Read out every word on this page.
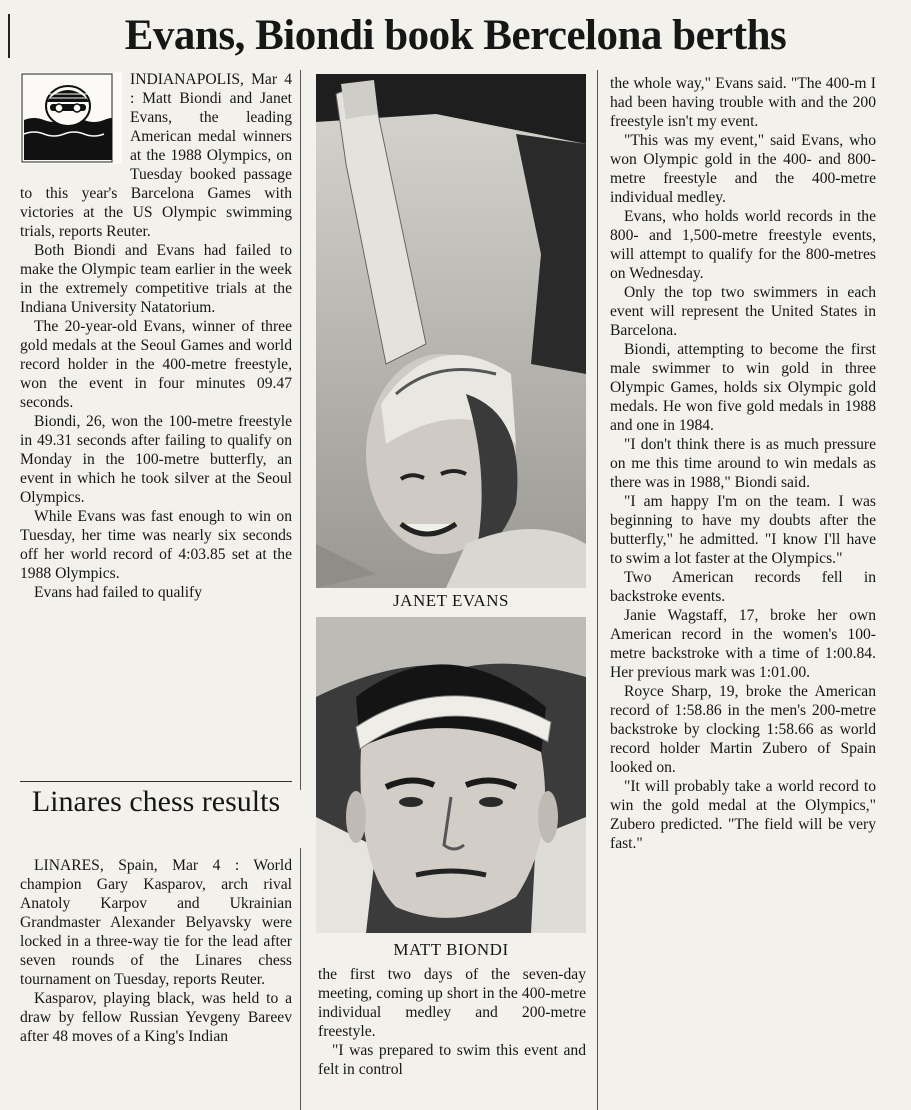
Evans, Biondi book Bercelona berths

INDIANAPOLIS, Mar 4 : Matt Biondi and Janet Evans, the leading American medal winners at the 1988 Olympics, on Tuesday booked passage to this year's Barcelona Games with victories at the US Olympic swimming trials, reports Reuter.

Both Biondi and Evans had failed to make the Olympic team earlier in the week in the extremely competitive trials at the Indiana University Natatorium.

The 20-year-old Evans, winner of three gold medals at the Seoul Games and world record holder in the 400-metre freestyle, won the event in four minutes 09.47 seconds.

Biondi, 26, won the 100-metre freestyle in 49.31 seconds after failing to qualify on Monday in the 100-metre butterfly, an event in which he took silver at the Seoul Olympics.

While Evans was fast enough to win on Tuesday, her time was nearly six seconds off her world record of 4:03.85 set at the 1988 Olympics.

Evans had failed to qualify

Linares chess results

LINARES, Spain, Mar 4 : World champion Gary Kasparov, arch rival Anatoly Karpov and Ukrainian Grandmaster Alexander Belyavsky were locked in a three-way tie for the lead after seven rounds of the Linares chess tournament on Tuesday, reports Reuter.

Kasparov, playing black, was held to a draw by fellow Russian Yevgeny Bareev after 48 moves of a King's Indian

JANET EVANS
MATT BIONDI

the first two days of the seven-day meeting, coming up short in the 400-metre individual medley and 200-metre freestyle.

"I was prepared to swim this event and felt in control

the whole way," Evans said. "The 400-m I had been having trouble with and the 200 freestyle isn't my event.

"This was my event," said Evans, who won Olympic gold in the 400- and 800-metre freestyle and the 400-metre individual medley.

Evans, who holds world records in the 800- and 1,500-metre freestyle events, will attempt to qualify for the 800-metres on Wednesday.

Only the top two swimmers in each event will represent the United States in Barcelona.

Biondi, attempting to become the first male swimmer to win gold in three Olympic Games, holds six Olympic gold medals. He won five gold medals in 1988 and one in 1984.

"I don't think there is as much pressure on me this time around to win medals as there was in 1988," Biondi said.

"I am happy I'm on the team. I was beginning to have my doubts after the butterfly," he admitted. "I know I'll have to swim a lot faster at the Olympics."

Two American records fell in backstroke events.

Janie Wagstaff, 17, broke her own American record in the women's 100-metre backstroke with a time of 1:00.84. Her previous mark was 1:01.00.

Royce Sharp, 19, broke the American record of 1:58.86 in the men's 200-metre backstroke by clocking 1:58.66 as world record holder Martin Zubero of Spain looked on.

"It will probably take a world record to win the gold medal at the Olympics," Zubero predicted. "The field will be very fast."
